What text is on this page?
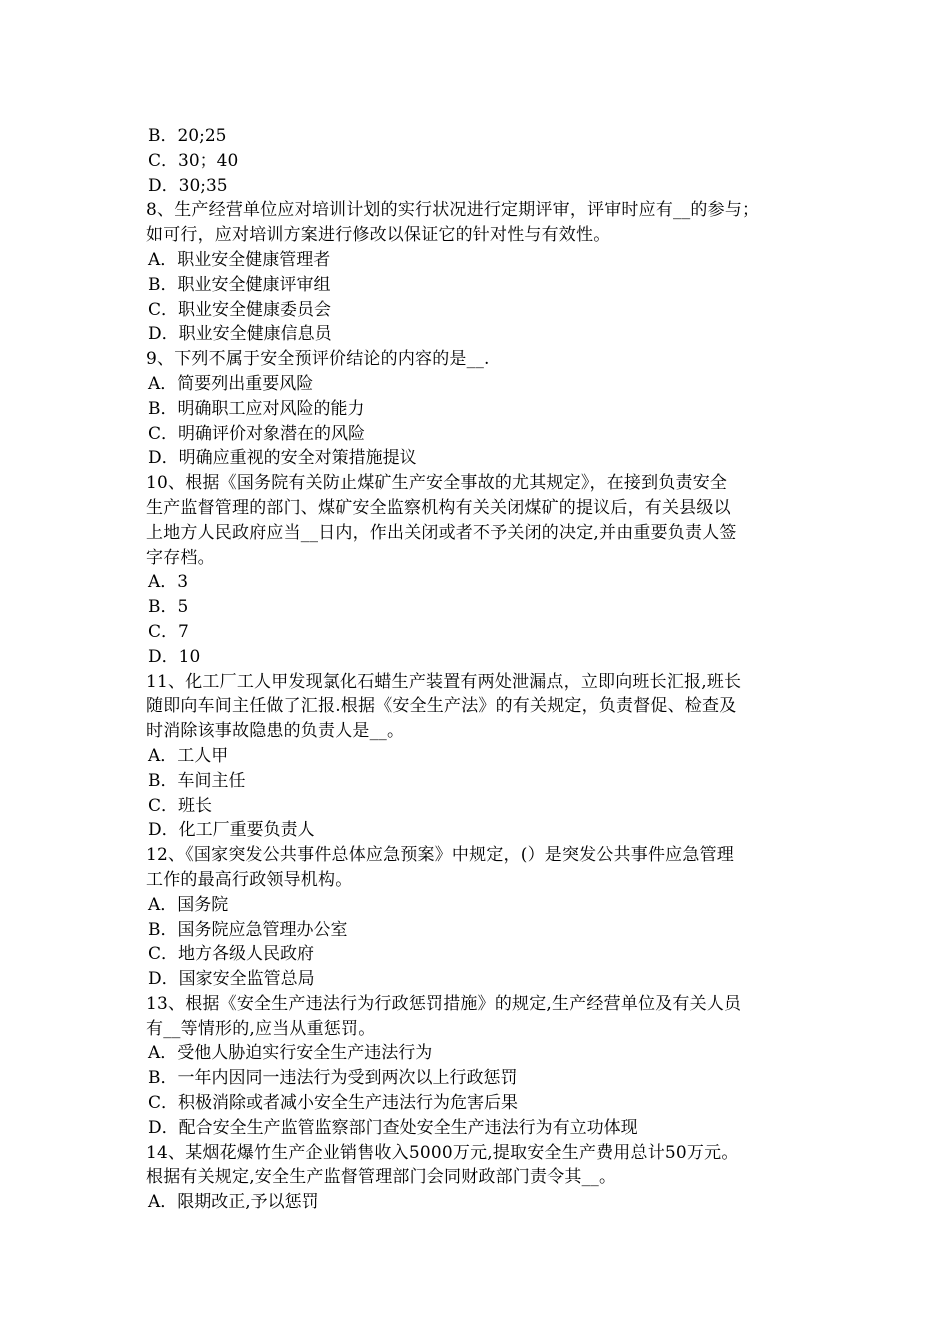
B．20;25
C．30；40
D．30;35
8、生产经营单位应对培训计划的实行状况进行定期评审，评审时应有__的参与；
如可行，应对培训方案进行修改以保证它的针对性与有效性。
A．职业安全健康管理者
B．职业安全健康评审组
C．职业安全健康委员会
D．职业安全健康信息员
9、下列不属于安全预评价结论的内容的是__.
A．简要列出重要风险
B．明确职工应对风险的能力
C．明确评价对象潜在的风险
D．明确应重视的安全对策措施提议
10、根据《国务院有关防止煤矿生产安全事故的尤其规定》，在接到负责安全
生产监督管理的部门、煤矿安全监察机构有关关闭煤矿的提议后，有关县级以
上地方人民政府应当__日内，作出关闭或者不予关闭的决定,并由重要负责人签
字存档。
A．3
B．5
C．7
D．10
11、化工厂工人甲发现氯化石蜡生产装置有两处泄漏点，立即向班长汇报,班长
随即向车间主任做了汇报.根据《安全生产法》的有关规定，负责督促、检查及
时消除该事故隐患的负责人是__。
A．工人甲
B．车间主任
C．班长
D．化工厂重要负责人
12、《国家突发公共事件总体应急预案》中规定，(）是突发公共事件应急管理
工作的最高行政领导机构。
A．国务院
B．国务院应急管理办公室
C．地方各级人民政府
D．国家安全监管总局
13、根据《安全生产违法行为行政惩罚措施》的规定,生产经营单位及有关人员
有__等情形的,应当从重惩罚。
A．受他人胁迫实行安全生产违法行为
B．一年内因同一违法行为受到两次以上行政惩罚
C．积极消除或者减小安全生产违法行为危害后果
D．配合安全生产监管监察部门查处安全生产违法行为有立功体现
14、某烟花爆竹生产企业销售收入5000万元,提取安全生产费用总计50万元。
根据有关规定,安全生产监督管理部门会同财政部门责令其__。
A．限期改正,予以惩罚
